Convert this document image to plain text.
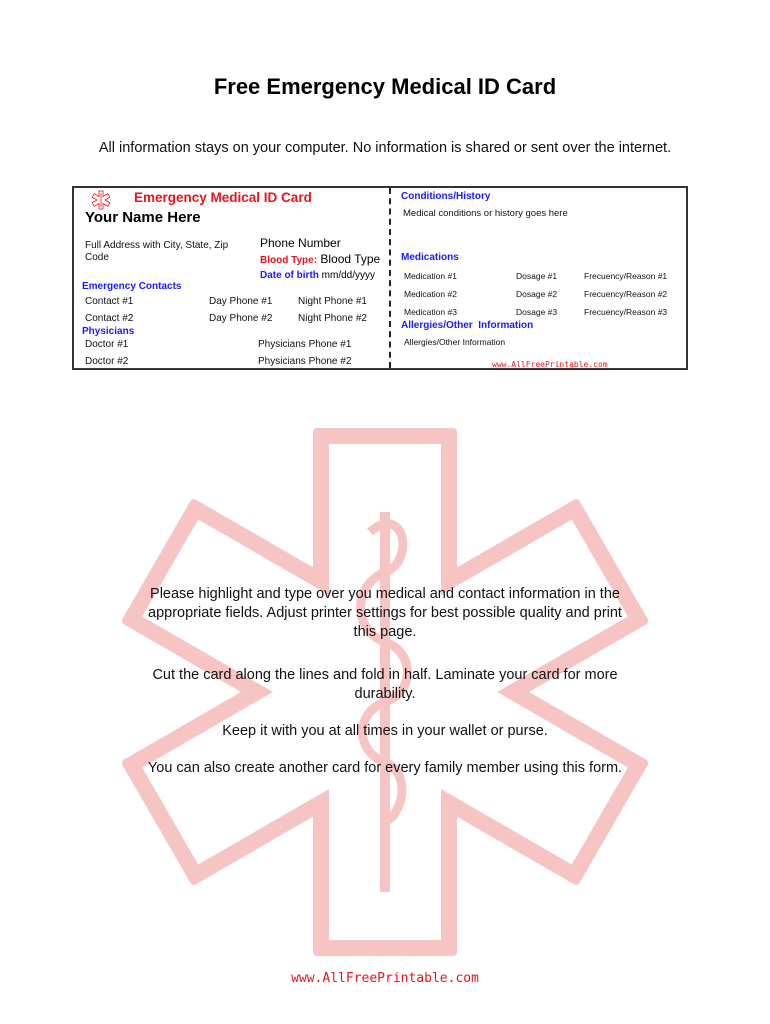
Free Emergency Medical ID Card
All information stays on your computer. No information is shared or sent over the internet.
Emergency Medical ID Card
Your Name Here
Full Address with City, State, Zip Code
Phone Number
Blood Type: Blood Type
Date of birth mm/dd/yyyy
Emergency Contacts
Contact #1	Day Phone #1	Night Phone #1
Contact #2	Day Phone #2	Night Phone #2
Physicians
Doctor #1	Physicians Phone #1
Doctor #2	Physicians Phone #2
Conditions/History
Medical conditions or history goes here
Medications
Medication #1	Dosage #1	Frecuency/Reason #1
Medication #2	Dosage #2	Frecuency/Reason #2
Medication #3	Dosage #3	Frecuency/Reason #3
Allergies/Other  Information
Allergies/Other Information
www.AllFreePrintable.com

Please highlight and type over you medical and contact information in the appropriate fields. Adjust printer settings for best possible quality and print this page.

Cut the card along the lines and fold in half. Laminate your card for more durability.

Keep it with you at all times in your wallet or purse.

You can also create another card for every family member using this form.

www.AllFreePrintable.com
